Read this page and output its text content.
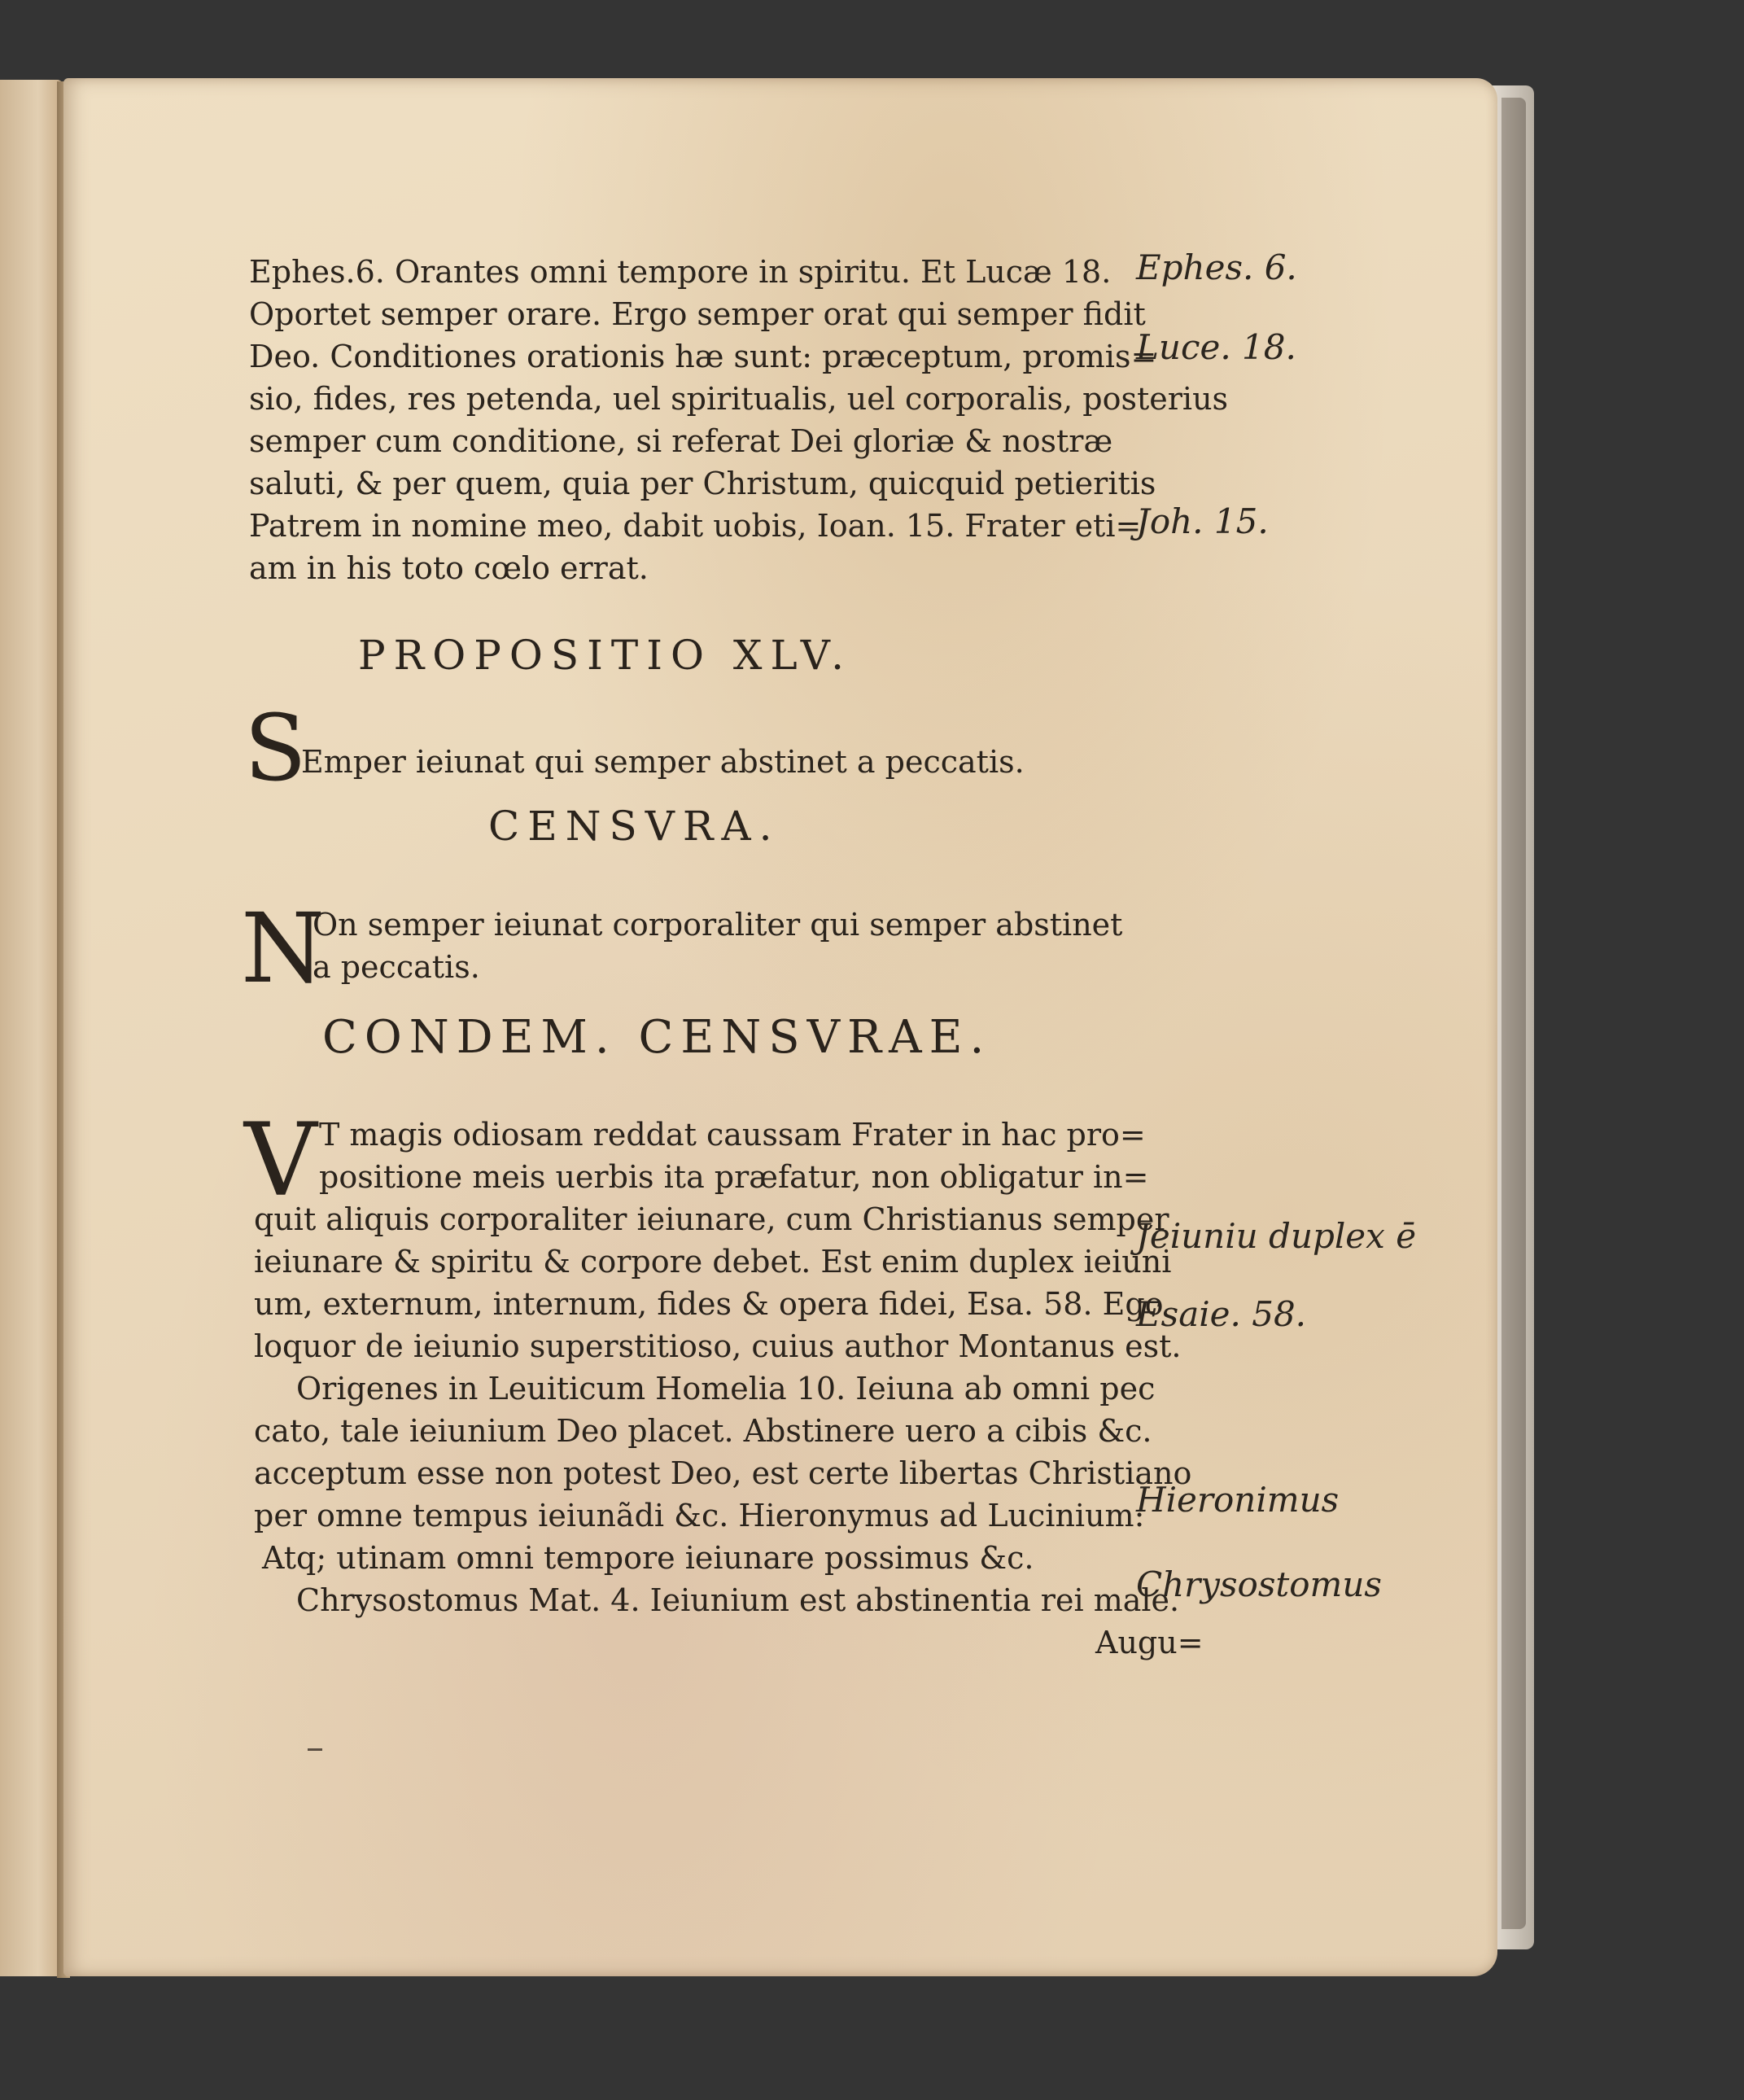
Ephes.6. Orantes omni tempore in spiritu. Et Lucæ 18.
Oportet semper orare. Ergo semper orat qui semper fidit
Deo. Conditiones orationis hæ sunt: præceptum, promis=
sio, fides, res petenda, uel spiritualis, uel corporalis, posterius
semper cum conditione, si referat Dei gloriæ & nostræ
saluti, & per quem, quia per Christum, quicquid petieritis
Patrem in nomine meo, dabit uobis, Ioan. 15. Frater eti=
am in his toto cœlo errat.
PROPOSITIO XLV.
S
Emper ieiunat qui semper abstinet a peccatis.
CENSVRA.
N
On semper ieiunat corporaliter qui semper abstinet
a peccatis.
CONDEM. CENSVRAE.
V T magis odiosam reddat caussam Frater in hac pro=
positione meis uerbis ita præfatur, non obligatur in=
quit aliquis corporaliter ieiunare, cum Christianus semper
ieiunare & spiritu & corpore debet. Est enim duplex ieiuni
um, externum, internum, fides & opera fidei, Esa. 58. Ego
loquor de ieiunio superstitioso, cuius author Montanus est.
Origenes in Leuiticum Homelia 10. Ieiuna ab omni pec
cato, tale ieiunium Deo placet. Abstinere uero a cibis &c.
acceptum esse non potest Deo, est certe libertas Christiano
per omne tempus ieiunãdi &c. Hieronymus ad Lucinium:
Atq; utinam omni tempore ieiunare possimus &c.
Chrysostomus Mat. 4. Ieiunium est abstinentia rei male.
Augu=
Ephes. 6.
Luce. 18.
Joh. 15.
Jeiuniu duplex ē
Esaie. 58.
Hieronimus
Chrysostomus
